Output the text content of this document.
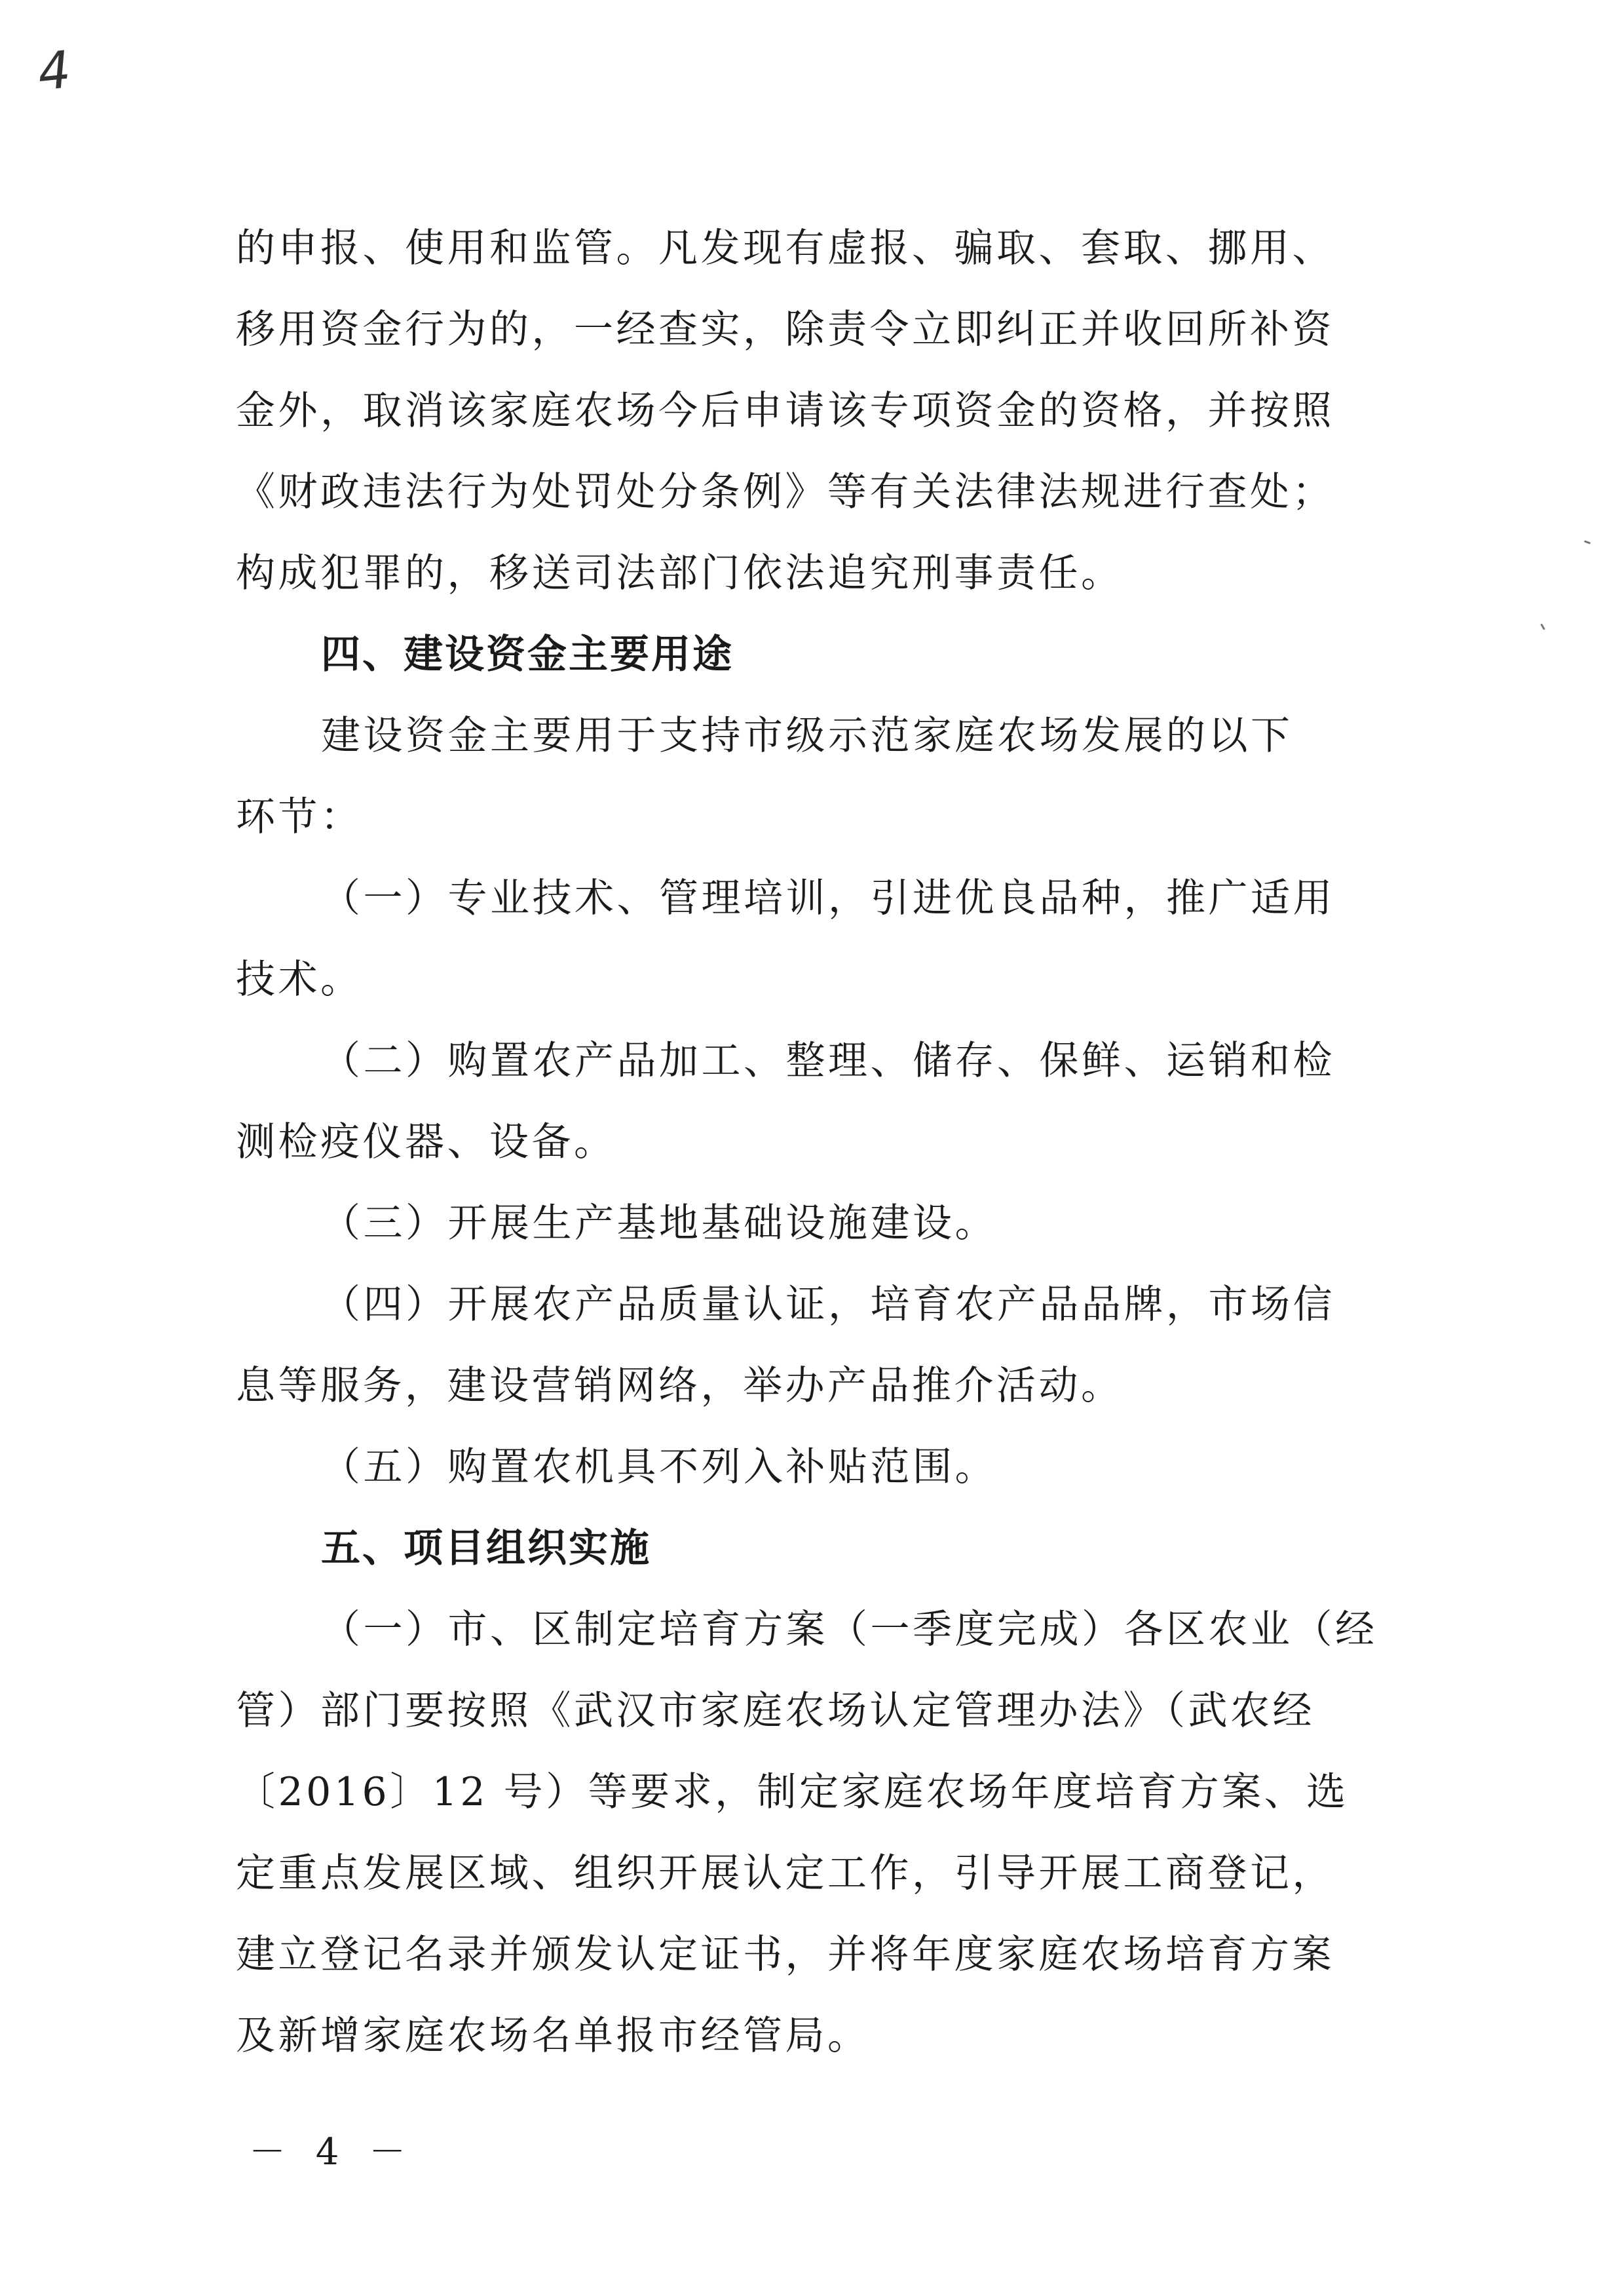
4
的申报、使用和监管。凡发现有虚报、骗取、套取、挪用、
移用资金行为的，一经查实，除责令立即纠正并收回所补资
金外，取消该家庭农场今后申请该专项资金的资格，并按照
《财政违法行为处罚处分条例》等有关法律法规进行查处；
构成犯罪的，移送司法部门依法追究刑事责任。
四、建设资金主要用途
建设资金主要用于支持市级示范家庭农场发展的以下
环节：
（一）专业技术、管理培训，引进优良品种，推广适用
技术。
（二）购置农产品加工、整理、储存、保鲜、运销和检
测检疫仪器、设备。
（三）开展生产基地基础设施建设。
（四）开展农产品质量认证，培育农产品品牌，市场信
息等服务，建设营销网络，举办产品推介活动。
（五）购置农机具不列入补贴范围。
五、项目组织实施
（一）市、区制定培育方案（一季度完成）各区农业（经
管）部门要按照《武汉市家庭农场认定管理办法》（武农经
〔2016〕12 号）等要求，制定家庭农场年度培育方案、选
定重点发展区域、组织开展认定工作，引导开展工商登记，
建立登记名录并颁发认定证书，并将年度家庭农场培育方案
及新增家庭农场名单报市经管局。
－ 4 －
